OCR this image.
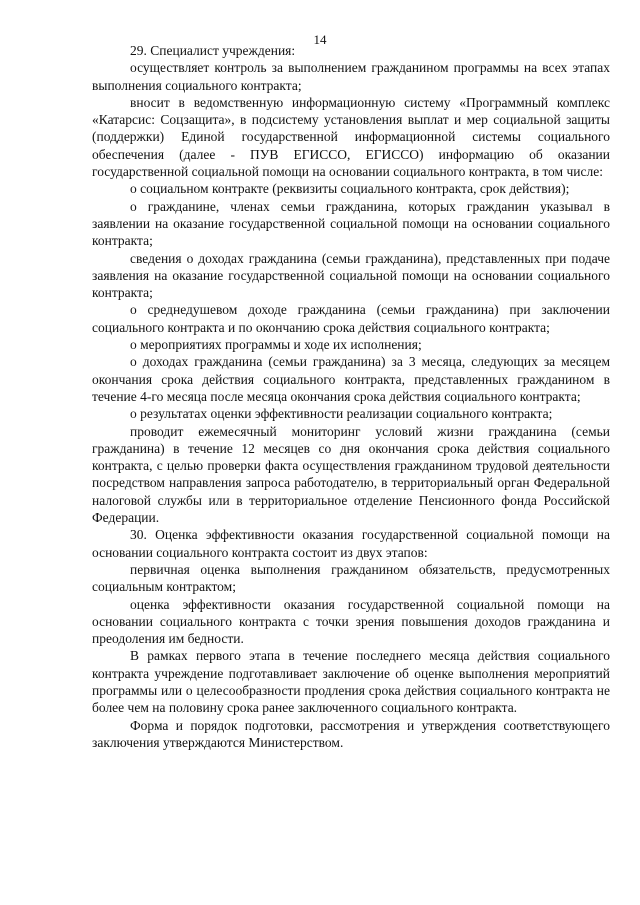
14

29. Специалист учреждения:

осуществляет контроль за выполнением гражданином программы на всех этапах выполнения социального контракта;

вносит в ведомственную информационную систему «Программный комплекс «Катарсис: Соцзащита», в подсистему установления выплат и мер социальной защиты (поддержки) Единой государственной информационной системы социального обеспечения (далее - ПУВ ЕГИССО, ЕГИССО) информацию об оказании государственной социальной помощи на основании социального контракта, в том числе:

о социальном контракте (реквизиты социального контракта, срок действия);

о гражданине, членах семьи гражданина, которых гражданин указывал в заявлении на оказание государственной социальной помощи на основании социального контракта;

сведения о доходах гражданина (семьи гражданина), представленных при подаче заявления на оказание государственной социальной помощи на основании социального контракта;

о среднедушевом доходе гражданина (семьи гражданина) при заключении социального контракта и по окончанию срока действия социального контракта;

о мероприятиях программы и ходе их исполнения;

о доходах гражданина (семьи гражданина) за 3 месяца, следующих за месяцем окончания срока действия социального контракта, представленных гражданином в течение 4-го месяца после месяца окончания срока действия социального контракта;

о результатах оценки эффективности реализации социального контракта;

проводит ежемесячный мониторинг условий жизни гражданина (семьи гражданина) в течение 12 месяцев со дня окончания срока действия социального контракта, с целью проверки факта осуществления гражданином трудовой деятельности посредством направления запроса работодателю, в территориальный орган Федеральной налоговой службы или в территориальное отделение Пенсионного фонда Российской Федерации.

30. Оценка эффективности оказания государственной социальной помощи на основании социального контракта состоит из двух этапов:

первичная оценка выполнения гражданином обязательств, предусмотренных социальным контрактом;

оценка эффективности оказания государственной социальной помощи на основании социального контракта с точки зрения повышения доходов гражданина и преодоления им бедности.

В рамках первого этапа в течение последнего месяца действия социального контракта учреждение подготавливает заключение об оценке выполнения мероприятий программы или о целесообразности продления срока действия социального контракта не более чем на половину срока ранее заключенного социального контракта.

Форма и порядок подготовки, рассмотрения и утверждения соответствующего заключения утверждаются Министерством.
